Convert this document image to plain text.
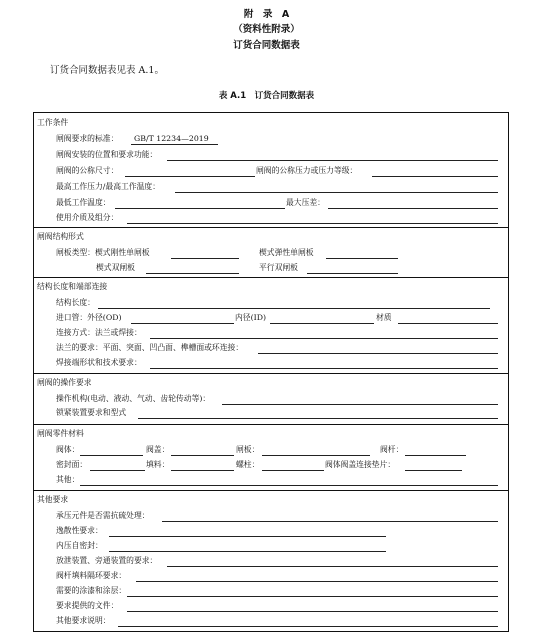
附　录　A
（资料性附录）
订货合同数据表
订货合同数据表见表 A.1。
表 A.1　订货合同数据表
工作条件
闸阀要求的标准： GB/T 12234—2019
闸阀安装的位置和要求功能：
闸阀的公称尺寸：	闸阀的公称压力或压力等级：
最高工作压力/最高工作温度：
最低工作温度：	最大压差：
使用介质及组分：
闸阀结构形式
闸板类型：楔式刚性单闸板	楔式弹性单闸板
楔式双闸板	平行双闸板
结构长度和端部连接
结构长度：
进口管：外径(OD)	内径(ID)	材质
连接方式：法兰或焊接：
法兰的要求：平面、突面、凹凸面、榫槽面或环连接：
焊接端形状和技术要求：
闸阀的操作要求
操作机构(电动、液动、气动、齿轮传动等)：
锁紧装置要求和型式
闸阀零件材料
阀体：	阀盖：	闸板：	阀杆：
密封面：	填料：	螺柱：	阀体阀盖连接垫片：
其他：
其他要求
承压元件是否需抗硫处理：
逸散性要求：
内压自密封：
放泄装置、旁通装置的要求：
阀杆填料隔环要求：
需要的涂漆和涂层：
要求提供的文件：
其他要求说明：
